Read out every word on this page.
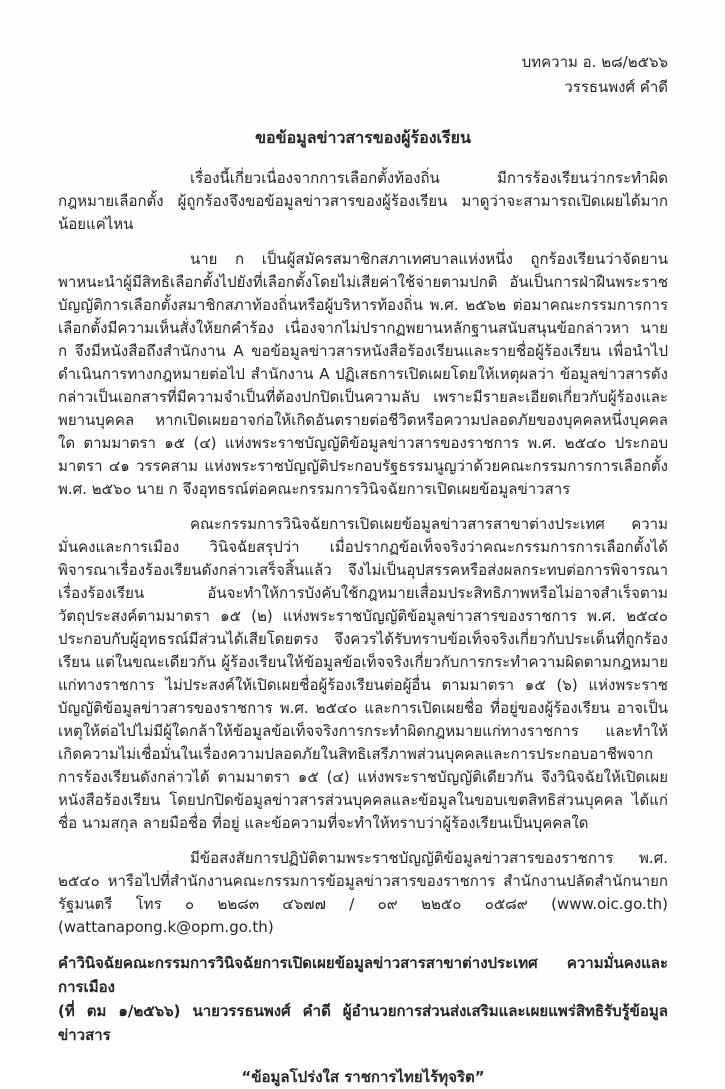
บทความ อ. ๒๘/๒๕๖๖
วรรธนพงศ์ คำดี
ขอข้อมูลข่าวสารของผู้ร้องเรียน

เรื่องนี้เกี่ยวเนื่องจากการเลือกตั้งท้องถิ่น มีการร้องเรียนว่ากระทำผิดกฎหมายเลือกตั้ง ผู้ถูกร้องจึงขอข้อมูลข่าวสารของผู้ร้องเรียน มาดูว่าจะสามารถเปิดเผยได้มากน้อยแค่ไหน

นาย ก เป็นผู้สมัครสมาชิกสภาเทศบาลแห่งหนึ่ง ถูกร้องเรียนว่าจัดยานพาหนะนำผู้มีสิทธิเลือกตั้งไปยังที่เลือกตั้งโดยไม่เสียค่าใช้จ่ายตามปกติ อันเป็นการฝ่าฝืนพระราชบัญญัติการเลือกตั้งสมาชิกสภาท้องถิ่นหรือผู้บริหารท้องถิ่น พ.ศ. ๒๕๖๒ ต่อมาคณะกรรมการการเลือกตั้งมีความเห็นสั่งให้ยกคำร้อง เนื่องจากไม่ปรากฏพยานหลักฐานสนับสนุนข้อกล่าวหา นาย ก จึงมีหนังสือถึงสำนักงาน A ขอข้อมูลข่าวสารหนังสือร้องเรียนและรายชื่อผู้ร้องเรียน เพื่อนำไปดำเนินการทางกฎหมายต่อไป สำนักงาน A ปฏิเสธการเปิดเผยโดยให้เหตุผลว่า ข้อมูลข่าวสารดังกล่าวเป็นเอกสารที่มีความจำเป็นที่ต้องปกปิดเป็นความลับ เพราะมีรายละเอียดเกี่ยวกับผู้ร้องและพยานบุคคล หากเปิดเผยอาจก่อให้เกิดอันตรายต่อชีวิตหรือความปลอดภัยของบุคคลหนึ่งบุคคลใด ตามมาตรา ๑๕ (๔) แห่งพระราชบัญญัติข้อมูลข่าวสารของราชการ พ.ศ. ๒๕๔๐ ประกอบมาตรา ๔๑ วรรคสาม แห่งพระราชบัญญัติประกอบรัฐธรรมนูญว่าด้วยคณะกรรมการการเลือกตั้ง พ.ศ. ๒๕๖๐ นาย ก จึงอุทธรณ์ต่อคณะกรรมการวินิจฉัยการเปิดเผยข้อมูลข่าวสาร

คณะกรรมการวินิจฉัยการเปิดเผยข้อมูลข่าวสารสาขาต่างประเทศ ความมั่นคงและการเมือง วินิจฉัยสรุปว่า เมื่อปรากฏข้อเท็จจริงว่าคณะกรรมการการเลือกตั้งได้พิจารณาเรื่องร้องเรียนดังกล่าวเสร็จสิ้นแล้ว จึงไม่เป็นอุปสรรคหรือส่งผลกระทบต่อการพิจารณาเรื่องร้องเรียน อันจะทำให้การบังคับใช้กฎหมายเสื่อมประสิทธิภาพหรือไม่อาจสำเร็จตามวัตถุประสงค์ตามมาตรา ๑๕ (๒) แห่งพระราชบัญญัติข้อมูลข่าวสารของราชการ พ.ศ. ๒๕๔๐ ประกอบกับผู้อุทธรณ์มีส่วนได้เสียโดยตรง จึงควรได้รับทราบข้อเท็จจริงเกี่ยวกับประเด็นที่ถูกร้องเรียน แต่ในขณะเดียวกัน ผู้ร้องเรียนให้ข้อมูลข้อเท็จจริงเกี่ยวกับการกระทำความผิดตามกฎหมายแก่ทางราชการ ไม่ประสงค์ให้เปิดเผยชื่อผู้ร้องเรียนต่อผู้อื่น ตามมาตรา ๑๕ (๖) แห่งพระราชบัญญัติข้อมูลข่าวสารของราชการ พ.ศ. ๒๕๔๐ และการเปิดเผยชื่อ ที่อยู่ของผู้ร้องเรียน อาจเป็นเหตุให้ต่อไปไม่มีผู้ใดกล้าให้ข้อมูลข้อเท็จจริงการกระทำผิดกฎหมายแก่ทางราชการ และทำให้เกิดความไม่เชื่อมั่นในเรื่องความปลอดภัยในสิทธิเสรีภาพส่วนบุคคลและการประกอบอาชีพจากการร้องเรียนดังกล่าวได้ ตามมาตรา ๑๕ (๔) แห่งพระราชบัญญัติเดียวกัน จึงวินิจฉัยให้เปิดเผยหนังสือร้องเรียน โดยปกปิดข้อมูลข่าวสารส่วนบุคคลและข้อมูลในขอบเขตสิทธิส่วนบุคคล ได้แก่ ชื่อ นามสกุล ลายมือชื่อ ที่อยู่ และข้อความที่จะทำให้ทราบว่าผู้ร้องเรียนเป็นบุคคลใด

มีข้อสงสัยการปฏิบัติตามพระราชบัญญัติข้อมูลข่าวสารของราชการ พ.ศ. ๒๕๔๐ หารือไปที่สำนักงานคณะกรรมการข้อมูลข่าวสารของราชการ สำนักงานปลัดสำนักนายกรัฐมนตรี โทร ๐ ๒๒๘๓ ๔๖๗๗ / ๐๙ ๒๒๕๐ ๐๕๘๙ (www.oic.go.th) (wattanapong.k@opm.go.th)

คำวินิจฉัยคณะกรรมการวินิจฉัยการเปิดเผยข้อมูลข่าวสารสาขาต่างประเทศ ความมั่นคงและการเมือง
(ที่ ตม ๑/๒๕๖๖) นายวรรธนพงศ์ คำดี ผู้อำนวยการส่วนส่งเสริมและเผยแพร่สิทธิรับรู้ข้อมูลข่าวสาร
“ข้อมูลโปร่งใส ราชการไทยไร้ทุจริต”
